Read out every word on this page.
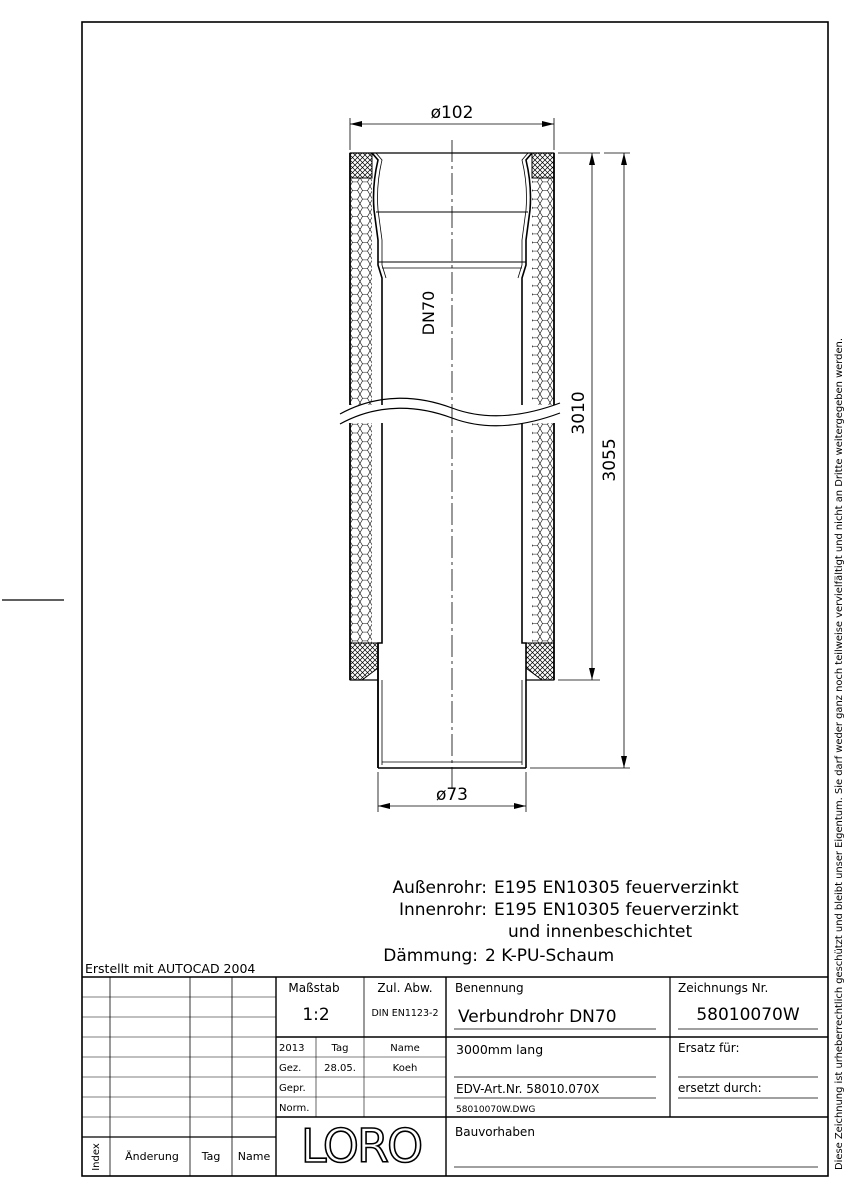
ø102
ø73
DN70
3010
3055
Außenrohr: E195 EN10305 feuerverzinkt
Innenrohr: E195 EN10305 feuerverzinkt
und innenbeschichtet
Dämmung: 2 K-PU-Schaum
Erstellt mit AUTOCAD 2004
Maßstab
1:2
Zul. Abw.
DIN EN1123-2
Benennung
Verbundrohr DN70
Zeichnungs Nr.
58010070W
2013	Tag	Name
Gez. 28.05.	Koeh
Gepr.
Norm.
3000mm lang
EDV-Art.Nr. 58010.070X
58010070W.DWG
Ersatz für:
ersetzt durch:
Bauvorhaben
LORO
Index Änderung Tag Name	Diese Zeichnung ist urheberrechtlich geschützt und bleibt unser Eigentum. Sie darf weder ganz noch teilweise vervielfältigt und nicht an Dritte weitergegeben werden.
